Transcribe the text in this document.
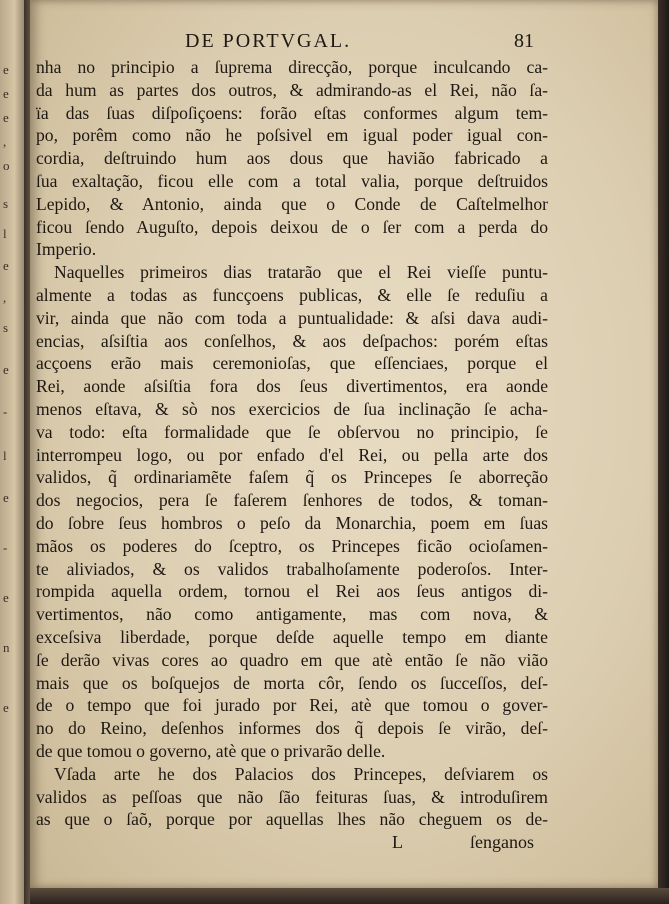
e
e
e
,
o
s
l
e
,
s
e
-
l
e
-
e
n
e
DE PORTVGAL.	81
nha no principio a ſuprema direcção, porque inculcando ca-
da hum as partes dos outros, & admirando-as el Rei, não ſa-
ïa das ſuas diſpoſiçoens: forão eſtas conformes algum tem-
po, porêm como não he poſsivel em igual poder igual con-
cordia, deſtruindo hum aos dous que havião fabricado a
ſua exaltação, ficou elle com a total valia, porque deſtruidos
Lepido, & Antonio, ainda que o Conde de Caſtelmelhor
ficou ſendo Auguſto, depois deixou de o ſer com a perda do
Imperio.
Naquelles primeiros dias tratarão que el Rei vieſſe puntu-
almente a todas as funcçoens publicas, & elle ſe reduſiu a
vir, ainda que não com toda a puntualidade: & aſsi dava audi-
encias, aſsiſtia aos conſelhos, & aos deſpachos: porém eſtas
acçoens erão mais ceremonioſas, que eſſenciaes, porque el
Rei, aonde aſsiſtia fora dos ſeus divertimentos, era aonde
menos eſtava, & sò nos exercicios de ſua inclinação ſe acha-
va todo: eſta formalidade que ſe obſervou no principio, ſe
interrompeu logo, ou por enfado d'el Rei, ou pella arte dos
validos, q̃ ordinariamẽte faſem q̃ os Princepes ſe aborreção
dos negocios, pera ſe faſerem ſenhores de todos, & toman-
do ſobre ſeus hombros o peſo da Monarchia, poem em ſuas
mãos os poderes do ſceptro, os Princepes ficão ocioſamen-
te aliviados, & os validos trabalhoſamente poderoſos. Inter-
rompida aquella ordem, tornou el Rei aos ſeus antigos di-
vertimentos, não como antigamente, mas com nova, &
exceſsiva liberdade, porque deſde aquelle tempo em diante
ſe derão vivas cores ao quadro em que atè então ſe não vião
mais que os boſquejos de morta côr, ſendo os ſucceſſos, deſ-
de o tempo que foi jurado por Rei, atè que tomou o gover-
no do Reino, deſenhos informes dos q̃ depois ſe virão, deſ-
de que tomou o governo, atè que o privarão delle.
Vſada arte he dos Palacios dos Princepes, deſviarem os
validos as peſſoas que não ſão feituras ſuas, & introduſirem
as que o ſaõ, porque por aquellas lhes não cheguem os de-
L	ſenganos
